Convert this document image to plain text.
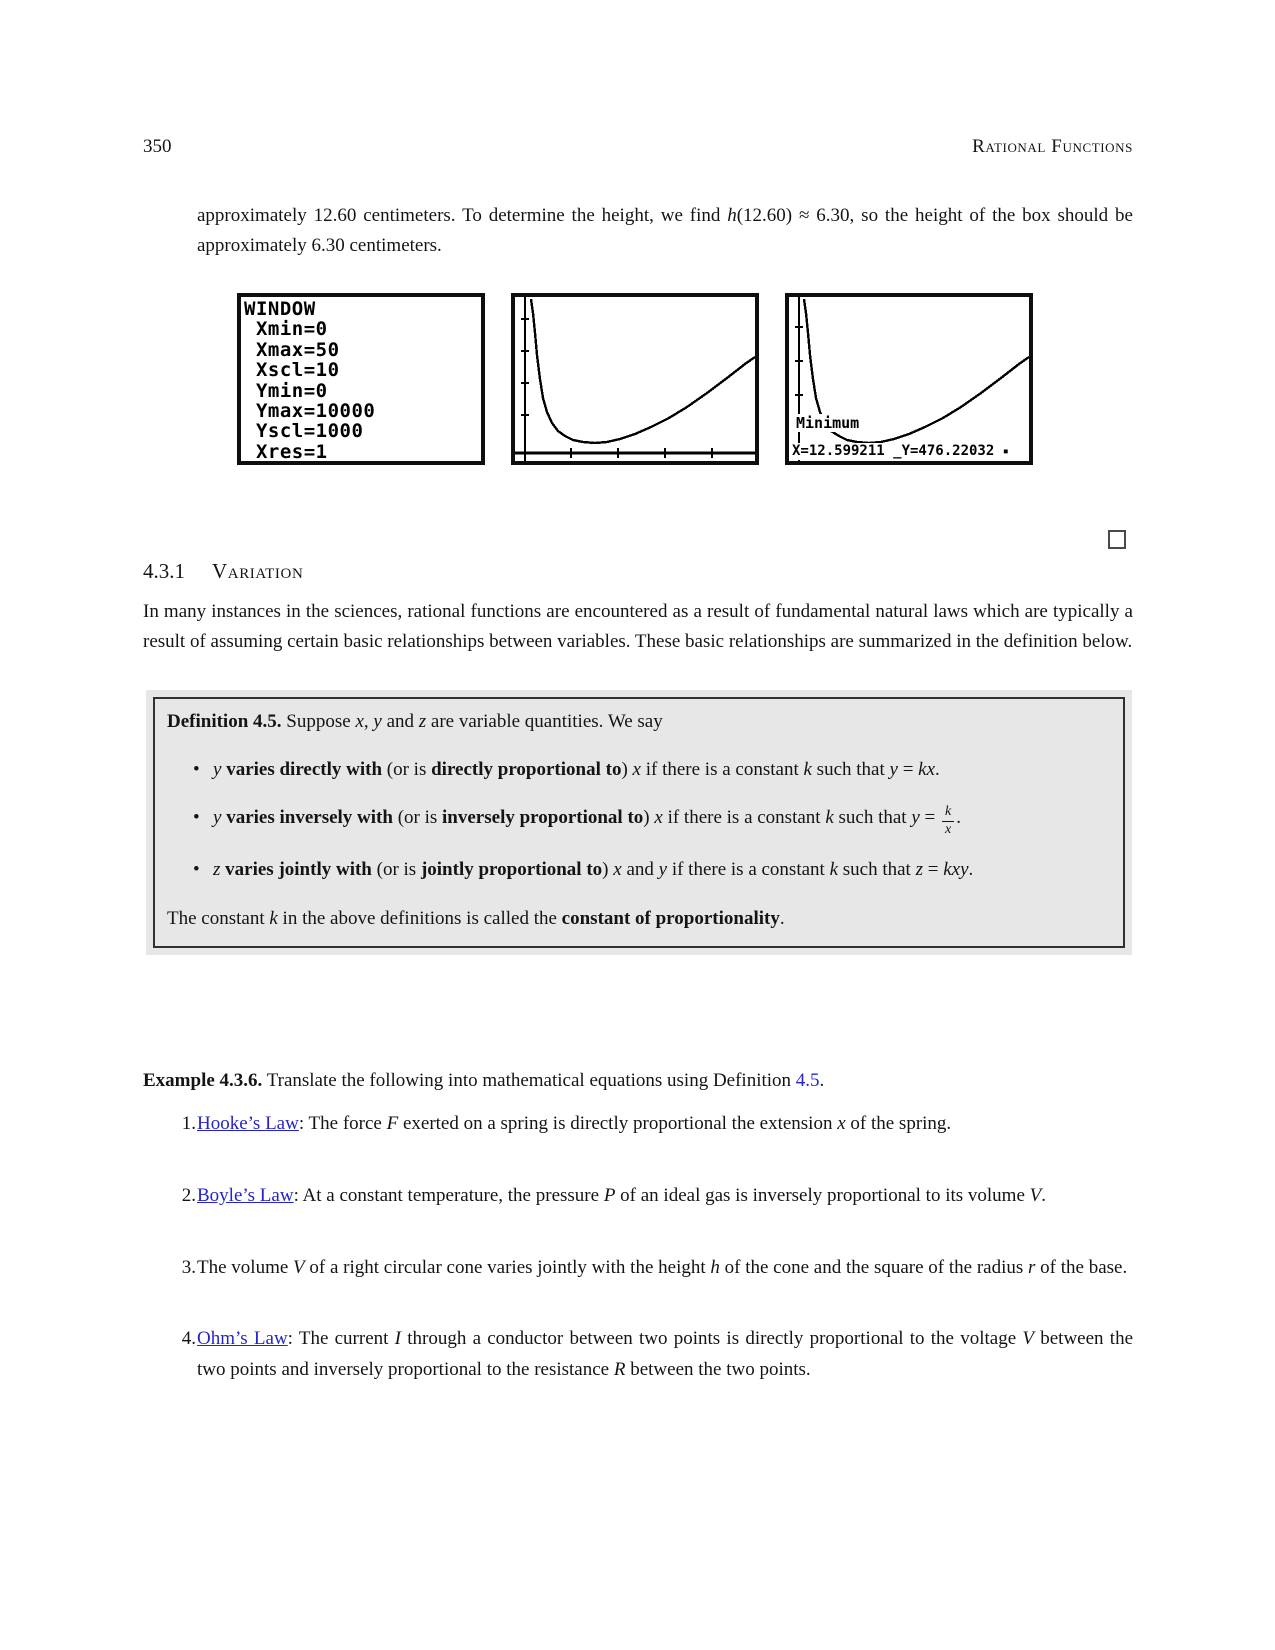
350	Rational Functions
approximately 12.60 centimeters. To determine the height, we find h(12.60) ≈ 6.30, so the height of the box should be approximately 6.30 centimeters.
WINDOW
Xmin=0
Xmax=50
Xscl=10
Ymin=0
Ymax=10000
Yscl=1000
Xres=1
Minimum
X=12.599211 _Y=476.22032 ▪
4.3.1 Variation
In many instances in the sciences, rational functions are encountered as a result of fundamental natural laws which are typically a result of assuming certain basic relationships between variables. These basic relationships are summarized in the definition below.
Definition 4.5. Suppose x, y and z are variable quantities. We say
• y varies directly with (or is directly proportional to) x if there is a constant k such that y = kx.
• y varies inversely with (or is inversely proportional to) x if there is a constant k such that $y = \frac{k}{x}$ .
• z varies jointly with (or is jointly proportional to) x and y if there is a constant k such that z = kxy.
The constant k in the above definitions is called the constant of proportionality.
Example 4.3.6. Translate the following into mathematical equations using Definition 4.5.
1. Hooke’s Law: The force F exerted on a spring is directly proportional the extension x of the spring.
2. Boyle’s Law: At a constant temperature, the pressure P of an ideal gas is inversely proportional to its volume V.
3. The volume V of a right circular cone varies jointly with the height h of the cone and the square of the radius r of the base.
4. Ohm’s Law: The current I through a conductor between two points is directly proportional to the voltage V between the two points and inversely proportional to the resistance R between the two points.
